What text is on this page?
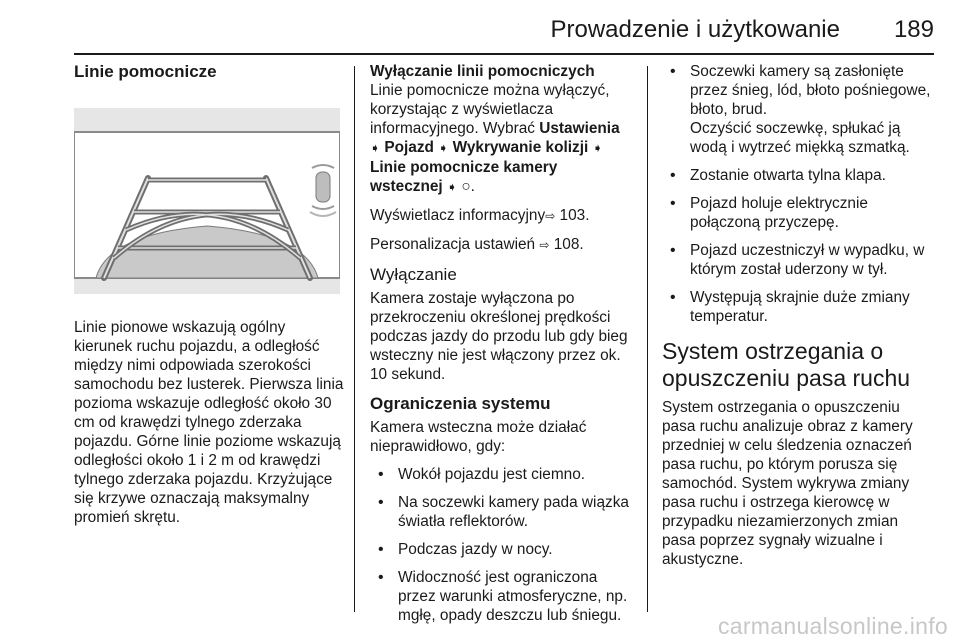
Prowadzenie i użytkowanie 189
Linie pomocnicze

Linie pionowe wskazują ogólny kierunek ruchu pojazdu, a odległość między nimi odpowiada szerokości samochodu bez lusterek. Pierwsza linia pozioma wskazuje odległość około 30 cm od krawędzi tylnego zderzaka pojazdu. Górne linie poziome wskazują odległości około 1 i 2 m od krawędzi tylnego zderzaka pojazdu. Krzyżujące się krzywe oznaczają maksymalny promień skrętu.

Wyłączanie linii pomocniczych

Linie pomocnicze można wyłączyć, korzystając z wyświetlacza informacyjnego. Wybrać Ustawienia ➧ Pojazd ➧ Wykrywanie kolizji ➧ Linie pomocnicze kamery wstecznej ➧ ○.

Wyświetlacz informacyjny⇨ 103.

Personalizacja ustawień ⇨ 108.

Wyłączanie

Kamera zostaje wyłączona po przekroczeniu określonej prędkości podczas jazdy do przodu lub gdy bieg wsteczny nie jest włączony przez ok. 10 sekund.

Ograniczenia systemu

Kamera wsteczna może działać nieprawidłowo, gdy:

• Wokół pojazdu jest ciemno.
• Na soczewki kamery pada wiązka światła reflektorów.
• Podczas jazdy w nocy.
• Widoczność jest ograniczona przez warunki atmosferyczne, np. mgłę, opady deszczu lub śniegu.
• Soczewki kamery są zasłonięte przez śnieg, lód, błoto pośniegowe, błoto, brud.
Oczyścić soczewkę, spłukać ją wodą i wytrzeć miękką szmatką.
• Zostanie otwarta tylna klapa.
• Pojazd holuje elektrycznie połączoną przyczepę.
• Pojazd uczestniczył w wypadku, w którym został uderzony w tył.
• Występują skrajnie duże zmiany temperatur.
System ostrzegania o opuszczeniu pasa ruchu

System ostrzegania o opuszczeniu pasa ruchu analizuje obraz z kamery przedniej w celu śledzenia oznaczeń pasa ruchu, po którym porusza się samochód. System wykrywa zmiany pasa ruchu i ostrzega kierowcę w przypadku niezamierzonych zmian pasa poprzez sygnały wizualne i akustyczne.

carmanualsonline.info
